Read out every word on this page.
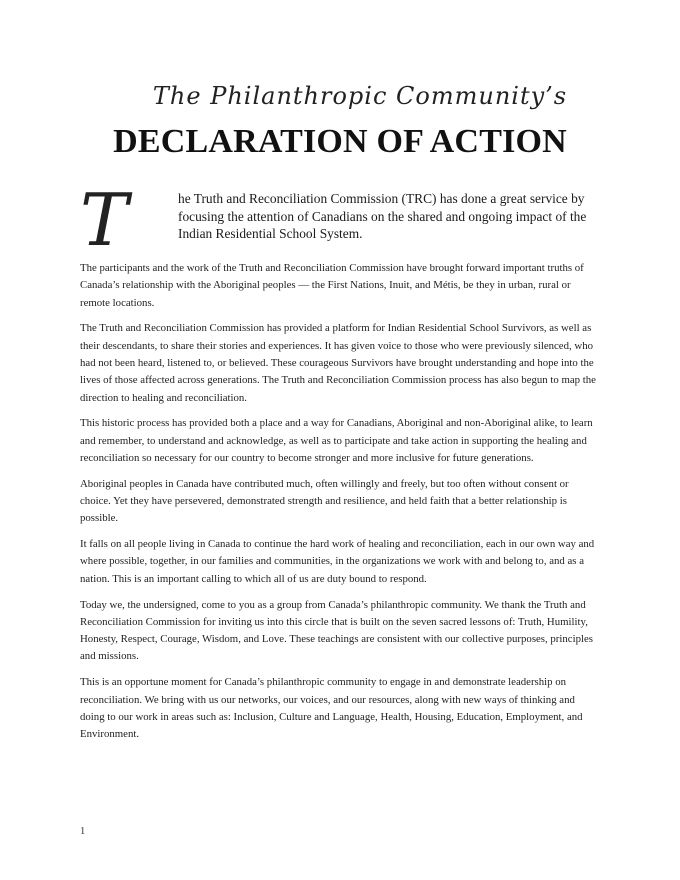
The Philanthropic Community’s
DECLARATION OF ACTION
T	he Truth and Reconciliation Commission (TRC) has done a great service by focusing the attention of Canadians on the shared and ongoing impact of the Indian Residential School System.

The participants and the work of the Truth and Reconciliation Commission have brought forward important truths of Canada’s relationship with the Aboriginal peoples — the First Nations, Inuit, and Métis, be they in urban, rural or remote locations.

The Truth and Reconciliation Commission has provided a platform for Indian Residential School Survivors, as well as their descendants, to share their stories and experiences. It has given voice to those who were previously silenced, who had not been heard, listened to, or believed. These courageous Survivors have brought understanding and hope into the lives of those affected across generations. The Truth and Reconciliation Commission process has also begun to map the direction to healing and reconciliation.

This historic process has provided both a place and a way for Canadians, Aboriginal and non-Aboriginal alike, to learn and remember, to understand and acknowledge, as well as to participate and take action in supporting the healing and reconciliation so necessary for our country to become stronger and more inclusive for future generations.

Aboriginal peoples in Canada have contributed much, often willingly and freely, but too often without consent or choice. Yet they have persevered, demonstrated strength and resilience, and held faith that a better relationship is possible.

It falls on all people living in Canada to continue the hard work of healing and reconciliation, each in our own way and where possible, together, in our families and communities, in the organizations we work with and belong to, and as a nation. This is an important calling to which all of us are duty bound to respond.

Today we, the undersigned, come to you as a group from Canada’s philanthropic community. We thank the Truth and Reconciliation Commission for inviting us into this circle that is built on the seven sacred lessons of: Truth, Humility, Honesty, Respect, Courage, Wisdom, and Love. These teachings are consistent with our collective purposes, principles and missions.

This is an opportune moment for Canada’s philanthropic community to engage in and demonstrate leadership on reconciliation. We bring with us our networks, our voices, and our resources, along with new ways of thinking and doing to our work in areas such as: Inclusion, Culture and Language, Health, Housing, Education, Employment, and Environment.

1
